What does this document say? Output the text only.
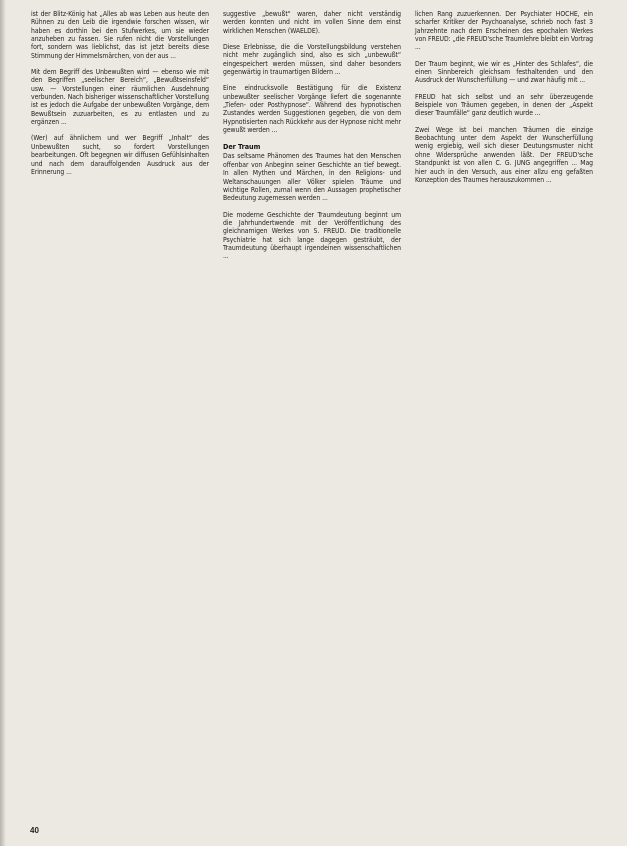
ist der Blitz-König hat „Alles ab was Leben aus heute den Rühnen zu den Leib die irgendwie forschen wissen, wir haben es dorthin bei den Stufwerkes, um sie wieder anzuheben zu fassen. Sie rufen nicht die Vorstellungen fort, sondern was lieblichst, das ist jetzt bereits diese Stimmung der Himmelsmärchen, von der aus ...

Mit dem Begriff des Unbewußten wird — ebenso wie mit den Begriffen „seelischer Bereich“, „Bewußtseinsfeld“ usw. — Vorstellungen einer räumlichen Ausdehnung verbunden. Nach bisheriger wissenschaftlicher Vorstellung ist es jedoch die Aufgabe der unbewußten Vorgänge, dem Bewußtsein zuzuarbeiten, es zu entlasten und zu ergänzen ...

(Wer) auf ähnlichem und wer Begriff „Inhalt“ des Unbewußten sucht, so fordert Vorstellungen bearbeitungen. Oft begegnen wir diffusen Gefühlsinhalten und nach dem darauffolgenden Ausdruck aus der Erinnerung ...

suggestive „bewußt“ waren, daher nicht verständig werden konnten und nicht im vollen Sinne dem einst wirklichen Menschen (WAELDE).

Diese Erlebnisse, die die Vorstellungsbildung verstehen nicht mehr zugänglich sind, also es sich „unbewußt“ eingespeichert werden müssen, sind daher besonders gegenwärtig in traumartigen Bildern ...

Eine eindrucksvolle Bestätigung für die Existenz unbewußter seelischer Vorgänge liefert die sogenannte „Tiefen- oder Posthypnose“. Während des hypnotischen Zustandes werden Suggestionen gegeben, die von dem Hypnotisierten nach Rückkehr aus der Hypnose nicht mehr gewußt werden ...

Der Traum

Das seltsame Phänomen des Traumes hat den Menschen offenbar von Anbeginn seiner Geschichte an tief bewegt. In allen Mythen und Märchen, in den Religions- und Weltanschauungen aller Völker spielen Träume und wichtige Rollen, zumal wenn den Aussagen prophetischer Bedeutung zugemessen werden ...

Die moderne Geschichte der Traumdeutung beginnt um die Jahrhundertwende mit der Veröffentlichung des gleichnamigen Werkes von S. FREUD. Die traditionelle Psychiatrie hat sich lange dagegen gesträubt, der Traumdeutung überhaupt irgendeinen wissenschaftlichen ...

lichen Rang zuzuerkennen. Der Psychiater HOCHE, ein scharfer Kritiker der Psychoanalyse, schrieb noch fast 3 Jahrzehnte nach dem Erscheinen des epochalen Werkes von FREUD: „die FREUD'sche Traumlehre bleibt ein Vortrag ...

Der Traum beginnt, wie wir es „Hinter des Schlafes“, die einen Sinnbereich gleichsam festhaltenden und den Ausdruck der Wunscherfüllung — und zwar häufig mit ...

FREUD hat sich selbst und an sehr überzeugende Beispiele von Träumen gegeben, in denen der „Aspekt dieser Traumfälle“ ganz deutlich wurde ...

Zwei Wege ist bei manchen Träumen die einzige Beobachtung unter dem Aspekt der Wunscherfüllung wenig ergiebig, weil sich dieser Deutungsmuster nicht ohne Widersprüche anwenden läßt. Der FREUD'sche Standpunkt ist von allen C. G. JUNG angegriffen ... Mag hier auch in den Versuch, aus einer allzu eng gefaßten Konzeption des Traumes herauszukommen ...

40
